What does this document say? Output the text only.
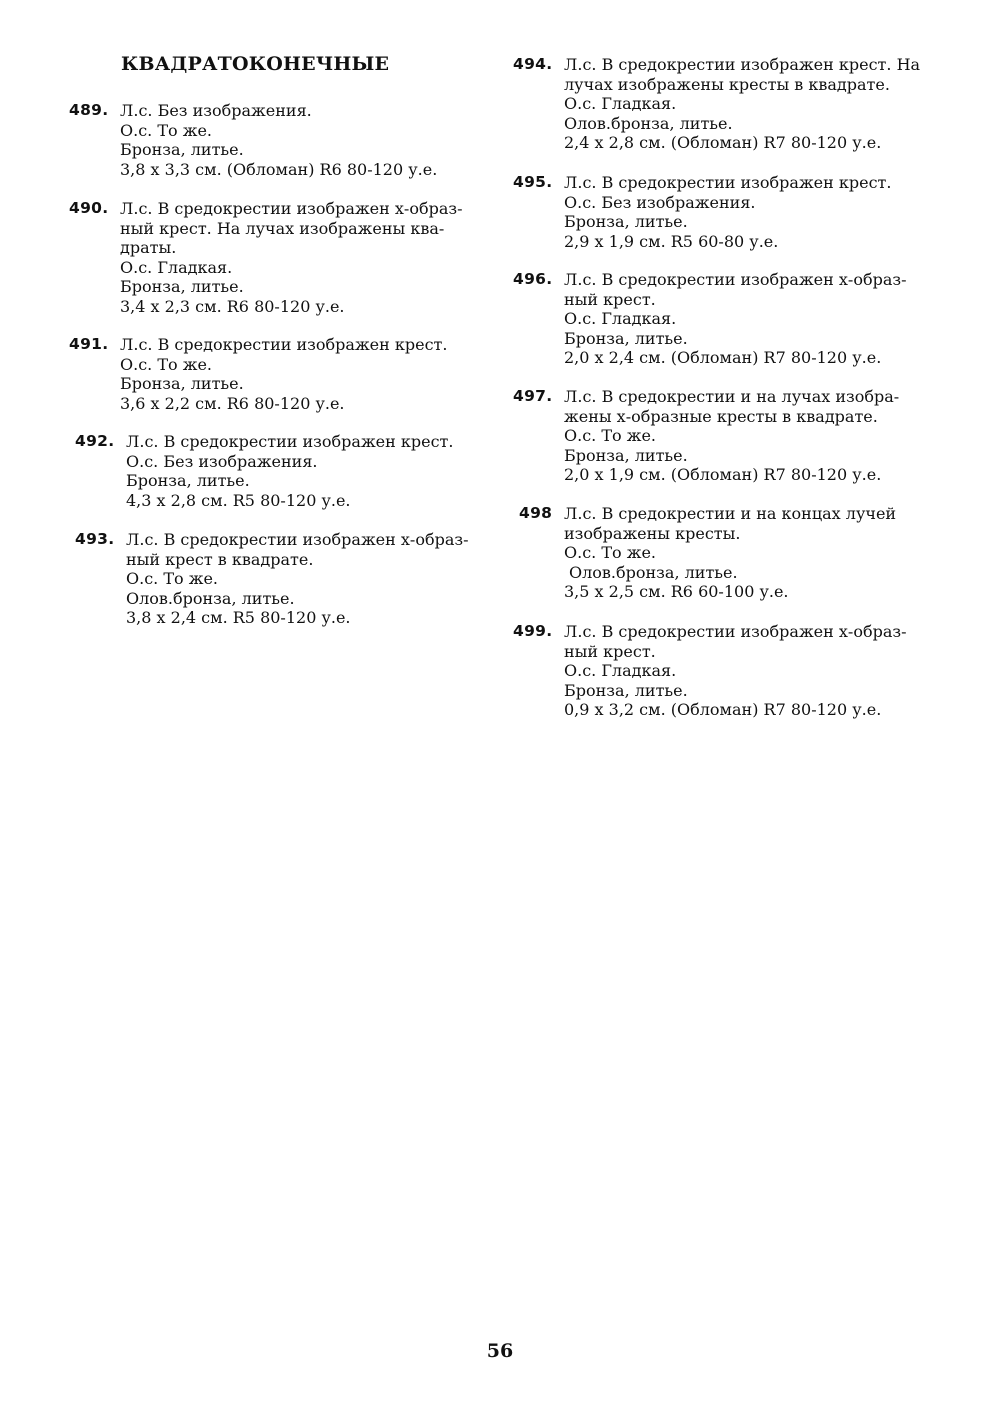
КВАДРАТОКОНЕЧНЫЕ
489. Л.с. Без изображения.
О.с. То же.
Бронза, литье.
3,8 х 3,3 см. (Обломан) R6 80-120 у.е.
490. Л.с. В средокрестии изображен х-образ-
ный крест. На лучах изображены ква-
драты.
О.с. Гладкая.
Бронза, литье.
3,4 х 2,3 см. R6 80-120 у.е.
491. Л.с. В средокрестии изображен крест.
О.с. То же.
Бронза, литье.
3,6 х 2,2 см. R6 80-120 у.е.
492. Л.с. В средокрестии изображен крест.
О.с. Без изображения.
Бронза, литье.
4,3 х 2,8 см. R5 80-120 у.е.
493. Л.с. В средокрестии изображен х-образ-
ный крест в квадрате.
О.с. То же.
Олов.бронза, литье.
3,8 х 2,4 см. R5 80-120 у.е.
494. Л.с. В средокрестии изображен крест. На
лучах изображены кресты в квадрате.
О.с. Гладкая.
Олов.бронза, литье.
2,4 х 2,8 см. (Обломан) R7 80-120 у.е.
495. Л.с. В средокрестии изображен крест.
О.с. Без изображения.
Бронза, литье.
2,9 х 1,9 см. R5 60-80 у.е.
496. Л.с. В средокрестии изображен х-образ-
ный крест.
О.с. Гладкая.
Бронза, литье.
2,0 х 2,4 см. (Обломан) R7 80-120 у.е.
497. Л.с. В средокрестии и на лучах изобра-
жены х-образные кресты в квадрате.
О.с. То же.
Бронза, литье.
2,0 х 1,9 см. (Обломан) R7 80-120 у.е.
498 Л.с. В средокрестии и на концах лучей
изображены кресты.
О.с. То же.
Олов.бронза, литье.
3,5 х 2,5 см. R6 60-100 у.е.
499. Л.с. В средокрестии изображен х-образ-
ный крест.
О.с. Гладкая.
Бронза, литье.
0,9 х 3,2 см. (Обломан) R7 80-120 у.е.
56
